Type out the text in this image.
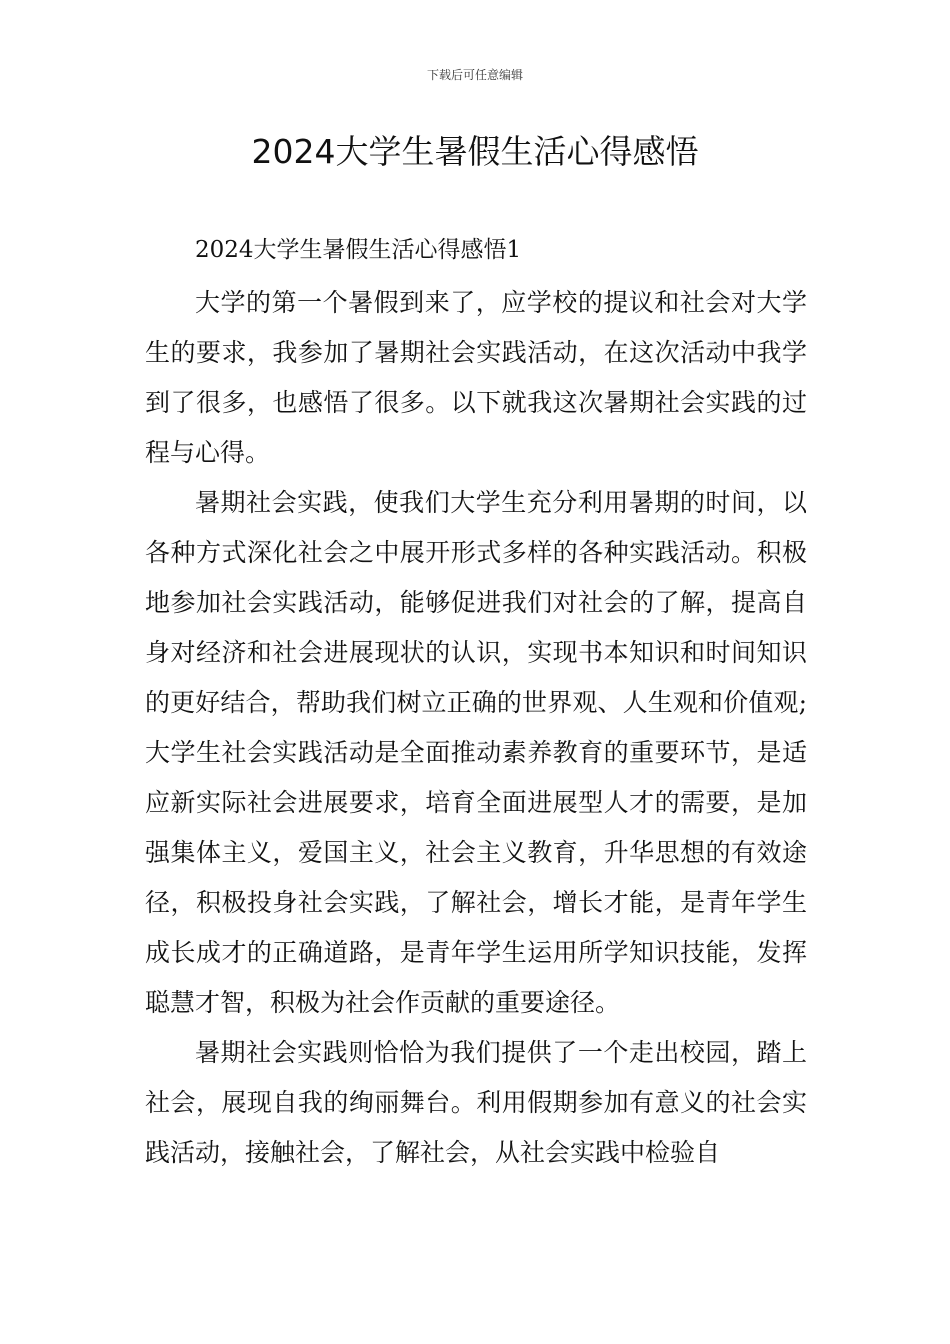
下载后可任意编辑
2024大学生暑假生活心得感悟
2024大学生暑假生活心得感悟1

大学的第一个暑假到来了，应学校的提议和社会对大学生的要求，我参加了暑期社会实践活动，在这次活动中我学到了很多，也感悟了很多。以下就我这次暑期社会实践的过程与心得。

暑期社会实践，使我们大学生充分利用暑期的时间，以各种方式深化社会之中展开形式多样的各种实践活动。积极地参加社会实践活动，能够促进我们对社会的了解，提高自身对经济和社会进展现状的认识，实现书本知识和时间知识的更好结合，帮助我们树立正确的世界观、人生观和价值观;大学生社会实践活动是全面推动素养教育的重要环节，是适应新实际社会进展要求，培育全面进展型人才的需要，是加强集体主义，爱国主义，社会主义教育，升华思想的有效途径，积极投身社会实践，了解社会，增长才能，是青年学生成长成才的正确道路，是青年学生运用所学知识技能，发挥聪慧才智，积极为社会作贡献的重要途径。

暑期社会实践则恰恰为我们提供了一个走出校园，踏上社会，展现自我的绚丽舞台。利用假期参加有意义的社会实践活动，接触社会，了解社会，从社会实践中检验自
